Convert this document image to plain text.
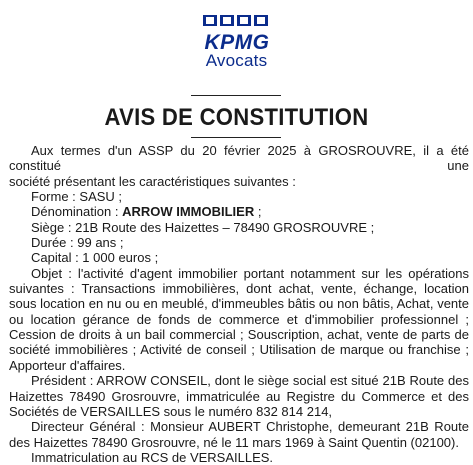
KPMG
Avocats
AVIS DE CONSTITUTION

Aux termes d'un ASSP du 20 février 2025 à GROSROUVRE, il a été constitué une

société présentant les caractéristiques suivantes :

Forme : SASU ;

Dénomination : ARROW IMMOBILIER ;

Siège : 21B Route des Haizettes – 78490 GROSROUVRE ;

Durée : 99 ans ;

Capital : 1 000 euros ;

Objet : l'activité d'agent immobilier portant notamment sur les opérations suivantes : Transactions immobilières, dont achat, vente, échange, location sous location en nu ou en meublé, d'immeubles bâtis ou non bâtis, Achat, vente ou location gérance de fonds de commerce et d'immobilier professionnel ; Cession de droits à un bail commercial ; Souscription, achat, vente de parts de société immobilières ; Activité de conseil ; Utilisation de marque ou franchise ; Apporteur d'affaires.

Président : ARROW CONSEIL, dont le siège social est situé 21B Route des Haizettes 78490 Grosrouvre, immatriculée au Registre du Commerce et des Sociétés de VERSAILLES sous le numéro 832 814 214,

Directeur Général : Monsieur AUBERT Christophe, demeurant 21B Route des Haizettes 78490 Grosrouvre, né le 11 mars 1969 à Saint Quentin (02100).

Immatriculation au RCS de VERSAILLES.
